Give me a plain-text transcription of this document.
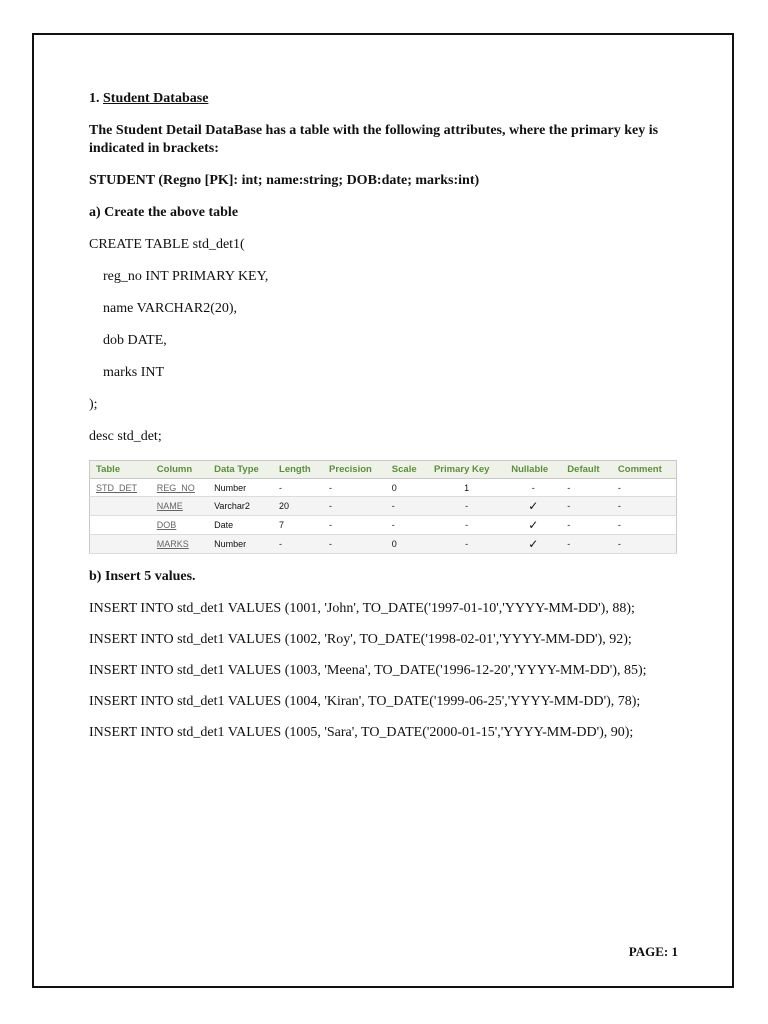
1. Student Database

The Student Detail DataBase has a table with the following attributes, where the primary key is indicated in brackets:

STUDENT (Regno [PK]: int; name:string; DOB:date; marks:int)

a) Create the above table

CREATE TABLE std_det1(
reg_no INT PRIMARY KEY,
name VARCHAR2(20),
dob DATE,
marks INT
);
desc std_det;
Table	Column	Data Type	Length	Precision	Scale	Primary Key	Nullable	Default	Comment
STD_DET	REG_NO	Number	-	-	0	1	-	-	-
	NAME	Varchar2	20	-	-	-	✓	-	-
	DOB	Date	7	-	-	-	✓	-	-
	MARKS	Number	-	-	0	-	✓	-	-

b) Insert 5 values.

INSERT INTO std_det1 VALUES (1001, 'John', TO_DATE('1997-01-10','YYYY-MM-DD'), 88);

INSERT INTO std_det1 VALUES (1002, 'Roy', TO_DATE('1998-02-01','YYYY-MM-DD'), 92);

INSERT INTO std_det1 VALUES (1003, 'Meena', TO_DATE('1996-12-20','YYYY-MM-DD'), 85);

INSERT INTO std_det1 VALUES (1004, 'Kiran', TO_DATE('1999-06-25','YYYY-MM-DD'), 78);

INSERT INTO std_det1 VALUES (1005, 'Sara', TO_DATE('2000-01-15','YYYY-MM-DD'), 90);

PAGE: 1
